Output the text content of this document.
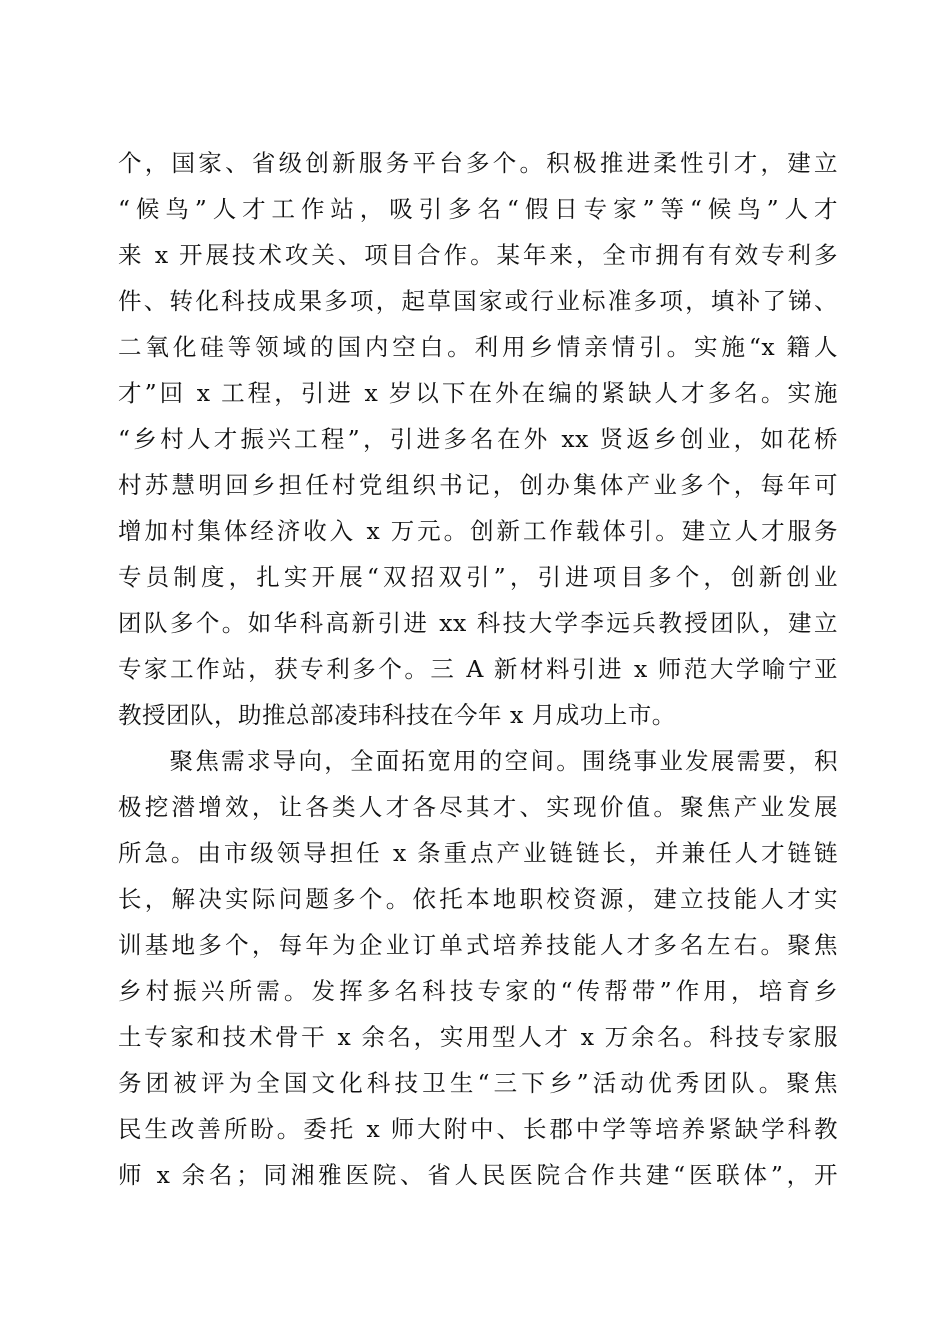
个，国家、省级创新服务平台多个。积极推进柔性引才，建立
“候鸟”人才工作站，吸引多名“假日专家”等“候鸟”人才
来 x 开展技术攻关、项目合作。某年来，全市拥有有效专利多
件、转化科技成果多项，起草国家或行业标准多项，填补了锑、
二氧化硅等领域的国内空白。利用乡情亲情引。实施“x 籍人
才”回 x 工程，引进 x 岁以下在外在编的紧缺人才多名。实施
“乡村人才振兴工程”，引进多名在外 xx 贤返乡创业，如花桥
村苏慧明回乡担任村党组织书记，创办集体产业多个，每年可
增加村集体经济收入 x 万元。创新工作载体引。建立人才服务
专员制度，扎实开展“双招双引”，引进项目多个，创新创业
团队多个。如华科高新引进 xx 科技大学李远兵教授团队，建立
专家工作站，获专利多个。三 A 新材料引进 x 师范大学喻宁亚
教授团队，助推总部凌玮科技在今年 x 月成功上市。
　　聚焦需求导向，全面拓宽用的空间。围绕事业发展需要，积
极挖潜增效，让各类人才各尽其才、实现价值。聚焦产业发展
所急。由市级领导担任 x 条重点产业链链长，并兼任人才链链
长，解决实际问题多个。依托本地职校资源，建立技能人才实
训基地多个，每年为企业订单式培养技能人才多名左右。聚焦
乡村振兴所需。发挥多名科技专家的“传帮带”作用，培育乡
土专家和技术骨干 x 余名，实用型人才 x 万余名。科技专家服
务团被评为全国文化科技卫生“三下乡”活动优秀团队。聚焦
民生改善所盼。委托 x 师大附中、长郡中学等培养紧缺学科教
师 x 余名；同湘雅医院、省人民医院合作共建“医联体”，开
